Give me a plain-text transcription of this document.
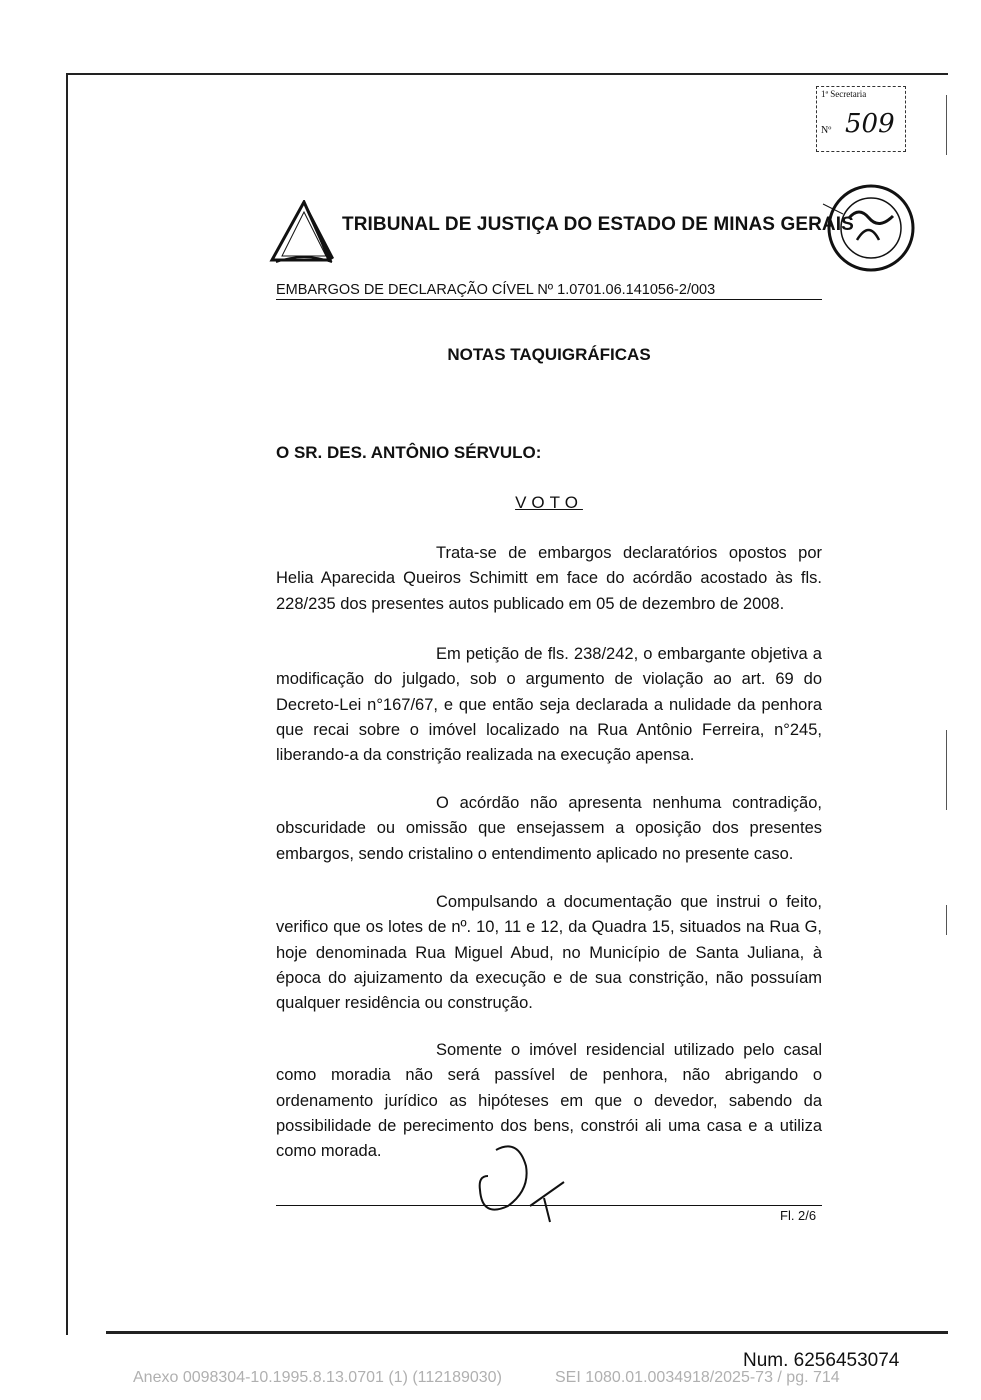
1ª Secretaria
Nº 509
TRIBUNAL DE JUSTIÇA DO ESTADO DE MINAS GERAIS
EMBARGOS DE DECLARAÇÃO CÍVEL Nº 1.0701.06.141056-2/003
NOTAS TAQUIGRÁFICAS
O SR. DES. ANTÔNIO SÉRVULO:
VOTO

Trata-se de embargos declaratórios opostos por Helia Aparecida Queiros Schimitt em face do acórdão acostado às fls. 228/235 dos presentes autos publicado em 05 de dezembro de 2008.

Em petição de fls. 238/242, o embargante objetiva a modificação do julgado, sob o argumento de violação ao art. 69 do Decreto-Lei n°167/67, e que então seja declarada a nulidade da penhora que recai sobre o imóvel localizado na Rua Antônio Ferreira, n°245, liberando-a da constrição realizada na execução apensa.

O acórdão não apresenta nenhuma contradição, obscuridade ou omissão que ensejassem a oposição dos presentes embargos, sendo cristalino o entendimento aplicado no presente caso.

Compulsando a documentação que instrui o feito, verifico que os lotes de nº. 10, 11 e 12, da Quadra 15, situados na Rua G, hoje denominada Rua Miguel Abud, no Município de Santa Juliana, à época do ajuizamento da execução e de sua constrição, não possuíam qualquer residência ou construção.

Somente o imóvel residencial utilizado pelo casal como moradia não será passível de penhora, não abrigando o ordenamento jurídico as hipóteses em que o devedor, sabendo da possibilidade de perecimento dos bens, constrói ali uma casa e a utiliza como morada.

Fl. 2/6
Num. 6256453074
Anexo 0098304-10.1995.8.13.0701 (1) (112189030)	SEI 1080.01.0034918/2025-73 / pg. 714
